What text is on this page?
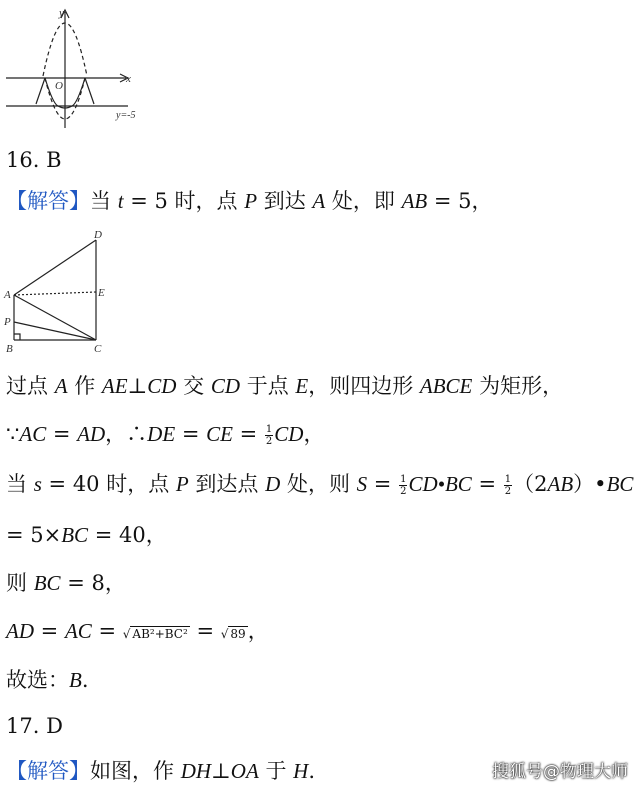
y
x
O
y=-5
16. B
【解答】当 t = 5 时，点 P 到达 A 处，即 AB = 5，
D
A	E
P
B	C
过点 A 作 AE⊥CD 交 CD 于点 E，则四边形 ABCE 为矩形，
∵AC = AD，∴DE = CE = $\frac{1}{2}$ CD，
当 s = 40 时，点 P 到达点 D 处，则 $S = \frac{1}{2}$ CD•BC = $\frac{1}{2}$ （2AB）•BC
= 5×BC = 40，
则 BC = 8，
AD = AC = √ AB²+BC² = √ 89，
故选：B.
17. D
【解答】如图，作 DH⊥OA 于 H.	搜狐号@物理大师
